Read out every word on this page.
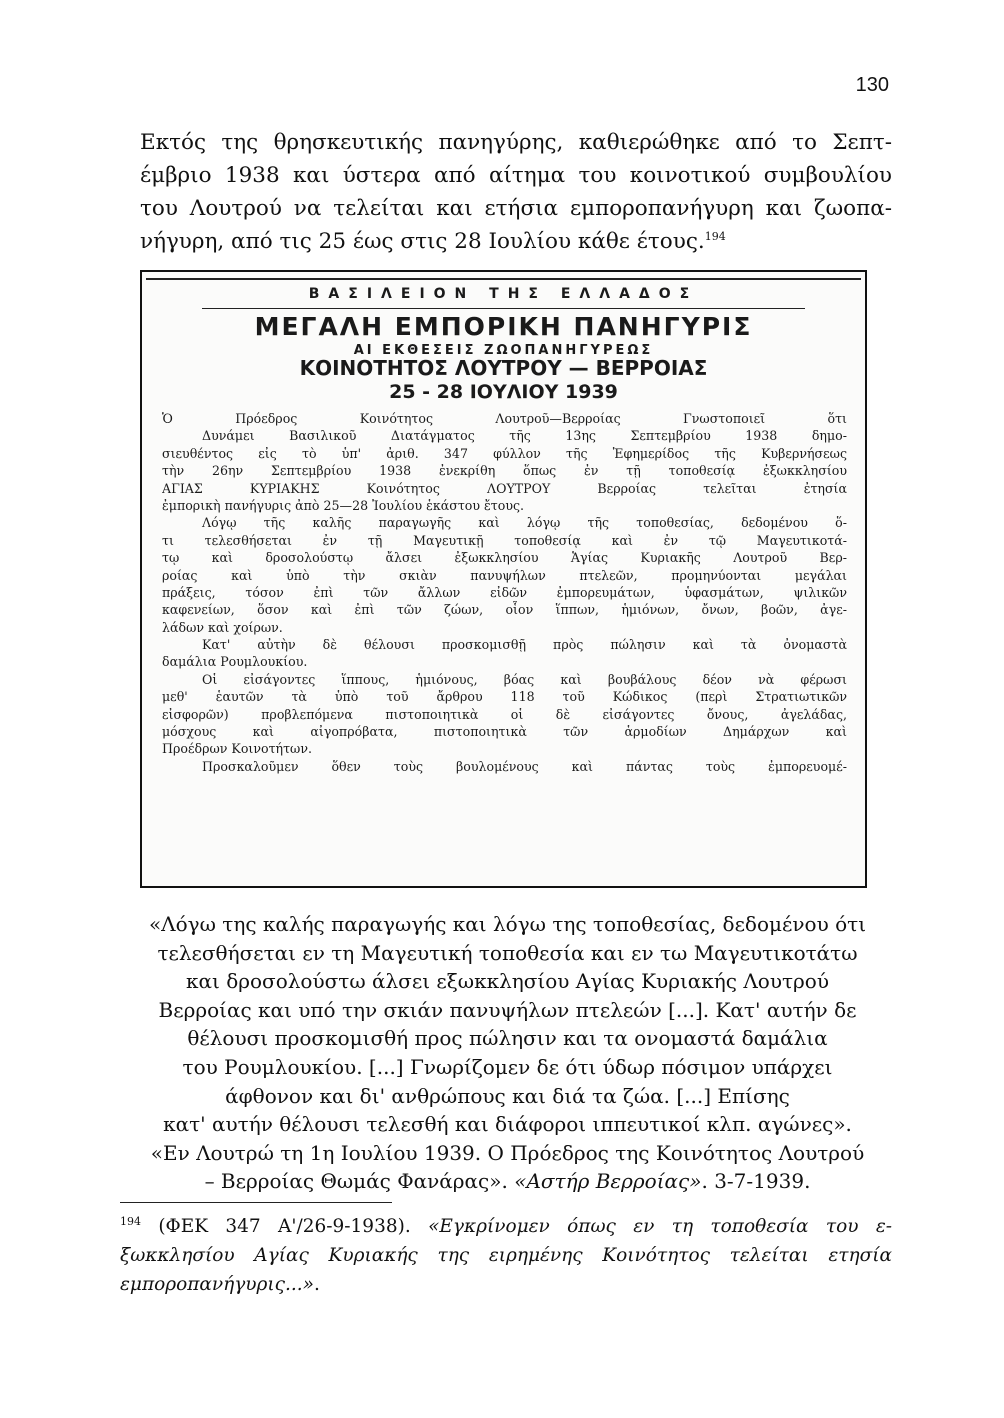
130
Εκτός της θρησκευτικής πανηγύρης, καθιερώθηκε από το Σεπτ-
έμβριο 1938 και ύστερα από αίτημα του κοινοτικού συμβουλίου
του Λουτρού να τελείται και ετήσια εμποροπανήγυρη και ζωοπα-
νήγυρη, από τις 25 έως στις 28 Ιουλίου κάθε έτους.$^{194}$
ΒΑΣΙΛΕΙΟΝ ΤΗΣ ΕΛΛΑΔΟΣ
ΜΕΓΑΛΗ ΕΜΠΟΡΙΚΗ ΠΑΝΗΓΥΡΙΣ
ΑΙ ΕΚΘΕΣΕΙΣ ΖΩΟΠΑΝΗΓΥΡΕΩΣ
ΚΟΙΝΟΤΗΤΟΣ ΛΟΥΤΡΟΥ — ΒΕΡΡΟΙΑΣ
25 - 28 ΙΟΥΛΙΟΥ 1939
Ὁ Πρόεδρος Κοινότητος Λουτροῦ—Βερροίας Γνωστοποιεῖ ὅτι
Δυνάμει Βασιλικοῦ Διατάγματος τῆς 13ης Σεπτεμβρίου 1938 δημο-
σιευθέντος εἰς τὸ ὑπ' ἀριθ. 347 φύλλον τῆς Ἐφημερίδος τῆς Κυβερνήσεως
τὴν 26ην Σεπτεμβρίου 1938 ἐνεκρίθη ὅπως ἐν τῇ τοποθεσίᾳ ἐξωκκλησίου
ΑΓΙΑΣ ΚΥΡΙΑΚΗΣ Κοινότητος ΛΟΥΤΡΟΥ Βερροίας τελεῖται ἐτησία
ἐμπορικὴ πανήγυρις ἀπὸ 25—28 Ἰουλίου ἑκάστου ἔτους.
Λόγῳ τῆς καλῆς παραγωγῆς καὶ λόγῳ τῆς τοποθεσίας, δεδομένου ὅ-
τι τελεσθήσεται ἐν τῇ Μαγευτικῇ τοποθεσίᾳ καὶ ἐν τῷ Μαγευτικοτά-
τῳ καὶ δροσολούστῳ ἄλσει ἐξωκκλησίου Ἁγίας Κυριακῆς Λουτροῦ Βερ-
ροίας καὶ ὑπὸ τὴν σκιὰν πανυψήλων πτελεῶν, προμηνύονται μεγάλαι
πράξεις, τόσον ἐπὶ τῶν ἄλλων εἰδῶν ἐμπορευμάτων, ὑφασμάτων, ψιλικῶν
καφενείων, ὅσον καὶ ἐπὶ τῶν ζώων, οἷον ἵππων, ἡμιόνων, ὄνων, βοῶν, ἀγε-
λάδων καὶ χοίρων.
Κατ' αὐτὴν δὲ θέλουσι προσκομισθῇ πρὸς πώλησιν καὶ τὰ ὀνομαστὰ
δαμάλια Ρουμλουκίου.
Οἱ εἰσάγοντες ἵππους, ἡμιόνους, βόας καὶ βουβάλους δέον νὰ φέρωσι
μεθ' ἑαυτῶν τὰ ὑπὸ τοῦ ἄρθρου 118 τοῦ Κώδικος (περὶ Στρατιωτικῶν
εἰσφορῶν) προβλεπόμενα πιστοποιητικὰ οἱ δὲ εἰσάγοντες ὄνους, ἀγελάδας,
μόσχους καὶ αἰγοπρόβατα, πιστοποιητικὰ τῶν ἁρμοδίων Δημάρχων καὶ
Προέδρων Κοινοτήτων.
Προσκαλοῦμεν ὅθεν τοὺς βουλομένους καὶ πάντας τοὺς ἐμπορευομέ-
«Λόγω της καλής παραγωγής και λόγω της τοποθεσίας, δεδομένου ότι
τελεσθήσεται εν τη Μαγευτική τοποθεσία και εν τω Μαγευτικοτάτω
και δροσολούστω άλσει εξωκκλησίου Αγίας Κυριακής Λουτρού
Βερροίας και υπό την σκιάν πανυψήλων πτελεών [...]. Κατ' αυτήν δε
θέλουσι προσκομισθή προς πώλησιν και τα ονομαστά δαμάλια
του Ρουμλουκίου. [...] Γνωρίζομεν δε ότι ύδωρ πόσιμον υπάρχει
άφθονον και δι' ανθρώπους και διά τα ζώα. [...] Επίσης
κατ' αυτήν θέλουσι τελεσθή και διάφοροι ιππευτικοί κλπ. αγώνες».
«Εν Λουτρώ τη 1η Ιουλίου 1939. Ο Πρόεδρος της Κοινότητος Λουτρού
– Βερροίας Θωμάς Φανάρας». «Αστήρ Βερροίας». 3-7-1939.
$^{194}$ (ΦΕΚ 347 Α'/26-9-1938). «Εγκρίνομεν όπως εν τη τοποθεσία του ε-
ξωκκλησίου Αγίας Κυριακής της ειρημένης Κοινότητος τελείται ετησία
εμποροπανήγυρις...».
